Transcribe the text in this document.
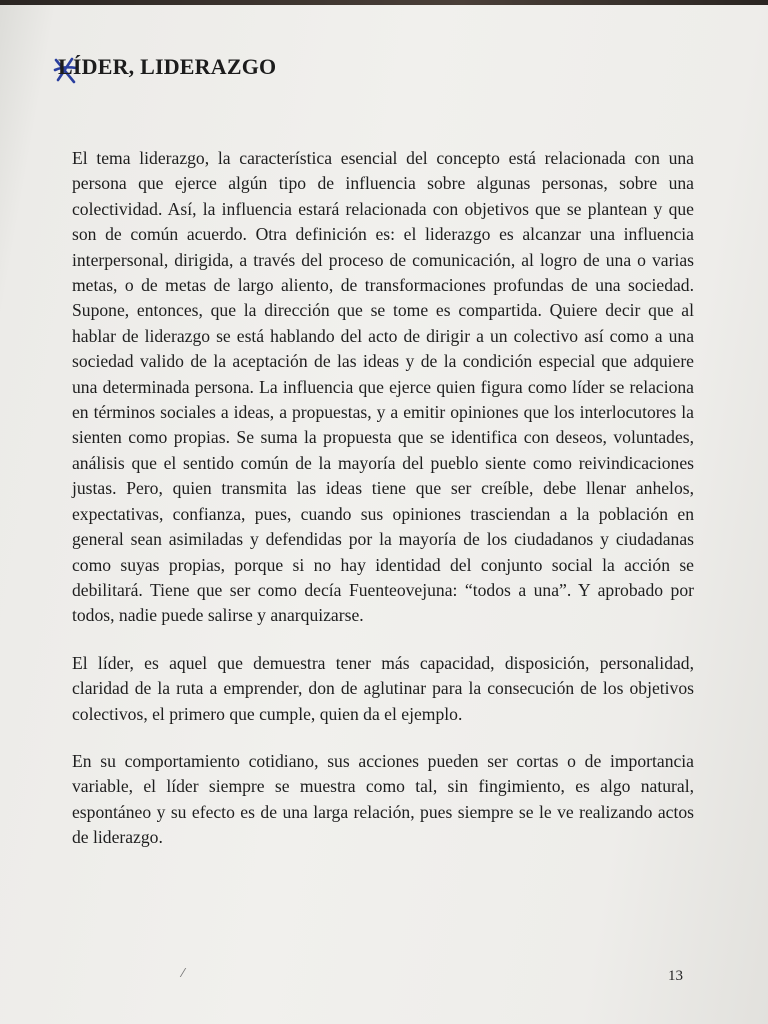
LÍDER, LIDERAZGO

El tema liderazgo, la característica esencial del concepto está relacionada con una persona que ejerce algún tipo de influencia sobre algunas personas, sobre una colectividad. Así, la influencia estará relacionada con objetivos que se plantean y que son de común acuerdo. Otra definición es: el liderazgo es alcanzar una influencia interpersonal, dirigida, a través del proceso de comunicación, al logro de una o varias metas, o de metas de largo aliento, de transformaciones profundas de una sociedad. Supone, entonces, que la dirección que se tome es compartida. Quiere decir que al hablar de liderazgo se está hablando del acto de dirigir a un colectivo así como a una sociedad valido de la aceptación de las ideas y de la condición especial que adquiere una determinada persona. La influencia que ejerce quien figura como líder se relaciona en términos sociales a ideas, a propuestas, y a emitir opiniones que los interlocutores la sienten como propias. Se suma la propuesta que se identifica con deseos, voluntades, análisis que el sentido común de la mayoría del pueblo siente como reivindicaciones justas. Pero, quien transmita las ideas tiene que ser creíble, debe llenar anhelos, expectativas, confianza, pues, cuando sus opiniones trasciendan a la población en general sean asimiladas y defendidas por la mayoría de los ciudadanos y ciudadanas como suyas propias, porque si no hay identidad del conjunto social la acción se debilitará. Tiene que ser como decía Fuenteovejuna: “todos a una”. Y aprobado por todos, nadie puede salirse y anarquizarse.

El líder, es aquel que demuestra tener más capacidad, disposición, personalidad, claridad de la ruta a emprender, don de aglutinar para la consecución de los objetivos colectivos, el primero que cumple, quien da el ejemplo.

En su comportamiento cotidiano, sus acciones pueden ser cortas o de importancia variable, el líder siempre se muestra como tal, sin fingimiento, es algo natural, espontáneo y su efecto es de una larga relación, pues siempre se le ve realizando actos de liderazgo.

⁄	13
